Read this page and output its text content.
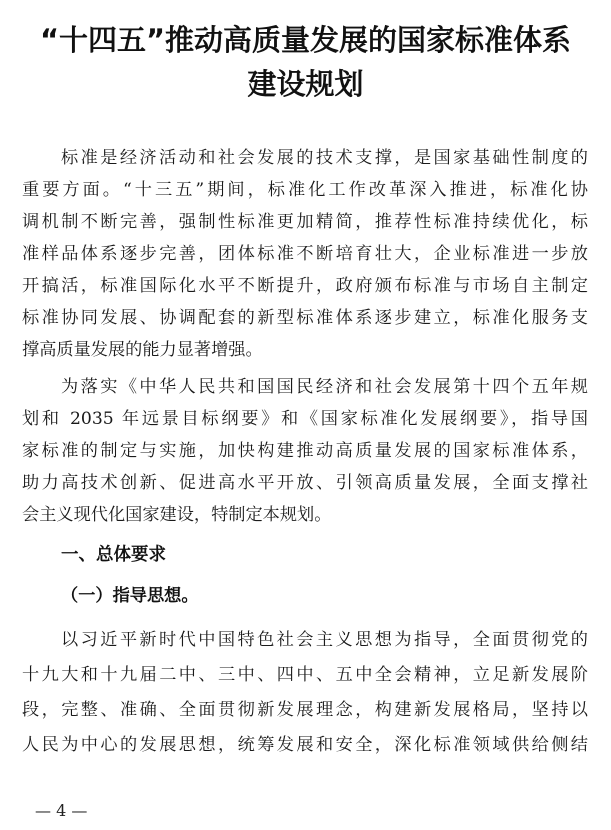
“十四五”推动高质量发展的国家标准体系
建设规划
标准是经济活动和社会发展的技术支撑，是国家基础性制度的
重要方面。“十三五”期间，标准化工作改革深入推进，标准化协
调机制不断完善，强制性标准更加精简，推荐性标准持续优化，标
准样品体系逐步完善，团体标准不断培育壮大，企业标准进一步放
开搞活，标准国际化水平不断提升，政府颁布标准与市场自主制定
标准协同发展、协调配套的新型标准体系逐步建立，标准化服务支
撑高质量发展的能力显著增强。
为落实《中华人民共和国国民经济和社会发展第十四个五年规
划和 2035 年远景目标纲要》和《国家标准化发展纲要》，指导国
家标准的制定与实施，加快构建推动高质量发展的国家标准体系，
助力高技术创新、促进高水平开放、引领高质量发展，全面支撑社
会主义现代化国家建设，特制定本规划。
一、总体要求
（一）指导思想。
以习近平新时代中国特色社会主义思想为指导，全面贯彻党的
十九大和十九届二中、三中、四中、五中全会精神，立足新发展阶
段，完整、准确、全面贯彻新发展理念，构建新发展格局，坚持以
人民为中心的发展思想，统筹发展和安全，深化标准领域供给侧结
— 4 —
